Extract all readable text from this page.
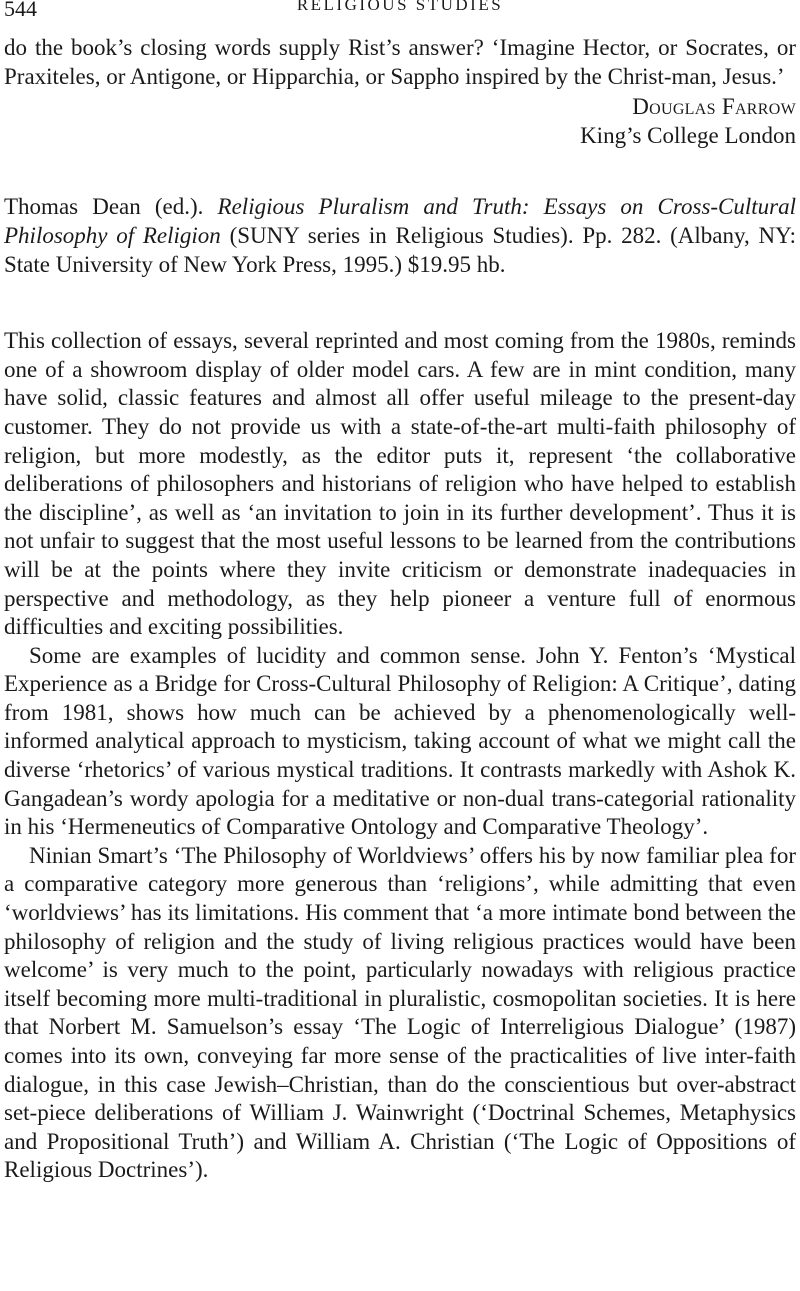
544	RELIGIOUS STUDIES

do the book’s closing words supply Rist’s answer? ‘Imagine Hector, or Socrates, or Praxiteles, or Antigone, or Hipparchia, or Sappho inspired by the Christ-man, Jesus.’

Douglas Farrow
King’s College London

Thomas Dean (ed.). Religious Pluralism and Truth: Essays on Cross-Cultural Philosophy of Religion (SUNY series in Religious Studies). Pp. 282. (Albany, NY: State University of New York Press, 1995.) $19.95 hb.

This collection of essays, several reprinted and most coming from the 1980s, reminds one of a showroom display of older model cars. A few are in mint condition, many have solid, classic features and almost all offer useful mileage to the present-day customer. They do not provide us with a state-of-the-art multi-faith philosophy of religion, but more modestly, as the editor puts it, represent ‘the collaborative deliberations of philosophers and historians of religion who have helped to establish the discipline’, as well as ‘an invitation to join in its further development’. Thus it is not unfair to suggest that the most useful lessons to be learned from the contributions will be at the points where they invite criticism or demonstrate inadequacies in perspective and methodology, as they help pioneer a venture full of enormous difficulties and exciting possibilities.

Some are examples of lucidity and common sense. John Y. Fenton’s ‘Mystical Experience as a Bridge for Cross-Cultural Philosophy of Religion: A Critique’, dating from 1981, shows how much can be achieved by a phenomenologically well-informed analytical approach to mysticism, taking account of what we might call the diverse ‘rhetorics’ of various mystical traditions. It contrasts markedly with Ashok K. Gangadean’s wordy apologia for a meditative or non-dual trans-categorial rationality in his ‘Hermeneutics of Comparative Ontology and Comparative Theology’.

Ninian Smart’s ‘The Philosophy of Worldviews’ offers his by now familiar plea for a comparative category more generous than ‘religions’, while admitting that even ‘worldviews’ has its limitations. His comment that ‘a more intimate bond between the philosophy of religion and the study of living religious practices would have been welcome’ is very much to the point, particularly nowadays with religious practice itself becoming more multi-traditional in pluralistic, cosmopolitan societies. It is here that Norbert M. Samuelson’s essay ‘The Logic of Interreligious Dialogue’ (1987) comes into its own, conveying far more sense of the practicalities of live inter-faith dialogue, in this case Jewish–Christian, than do the conscientious but over-abstract set-piece deliberations of William J. Wainwright (‘Doctrinal Schemes, Metaphysics and Propositional Truth’) and William A. Christian (‘The Logic of Oppositions of Religious Doctrines’).
